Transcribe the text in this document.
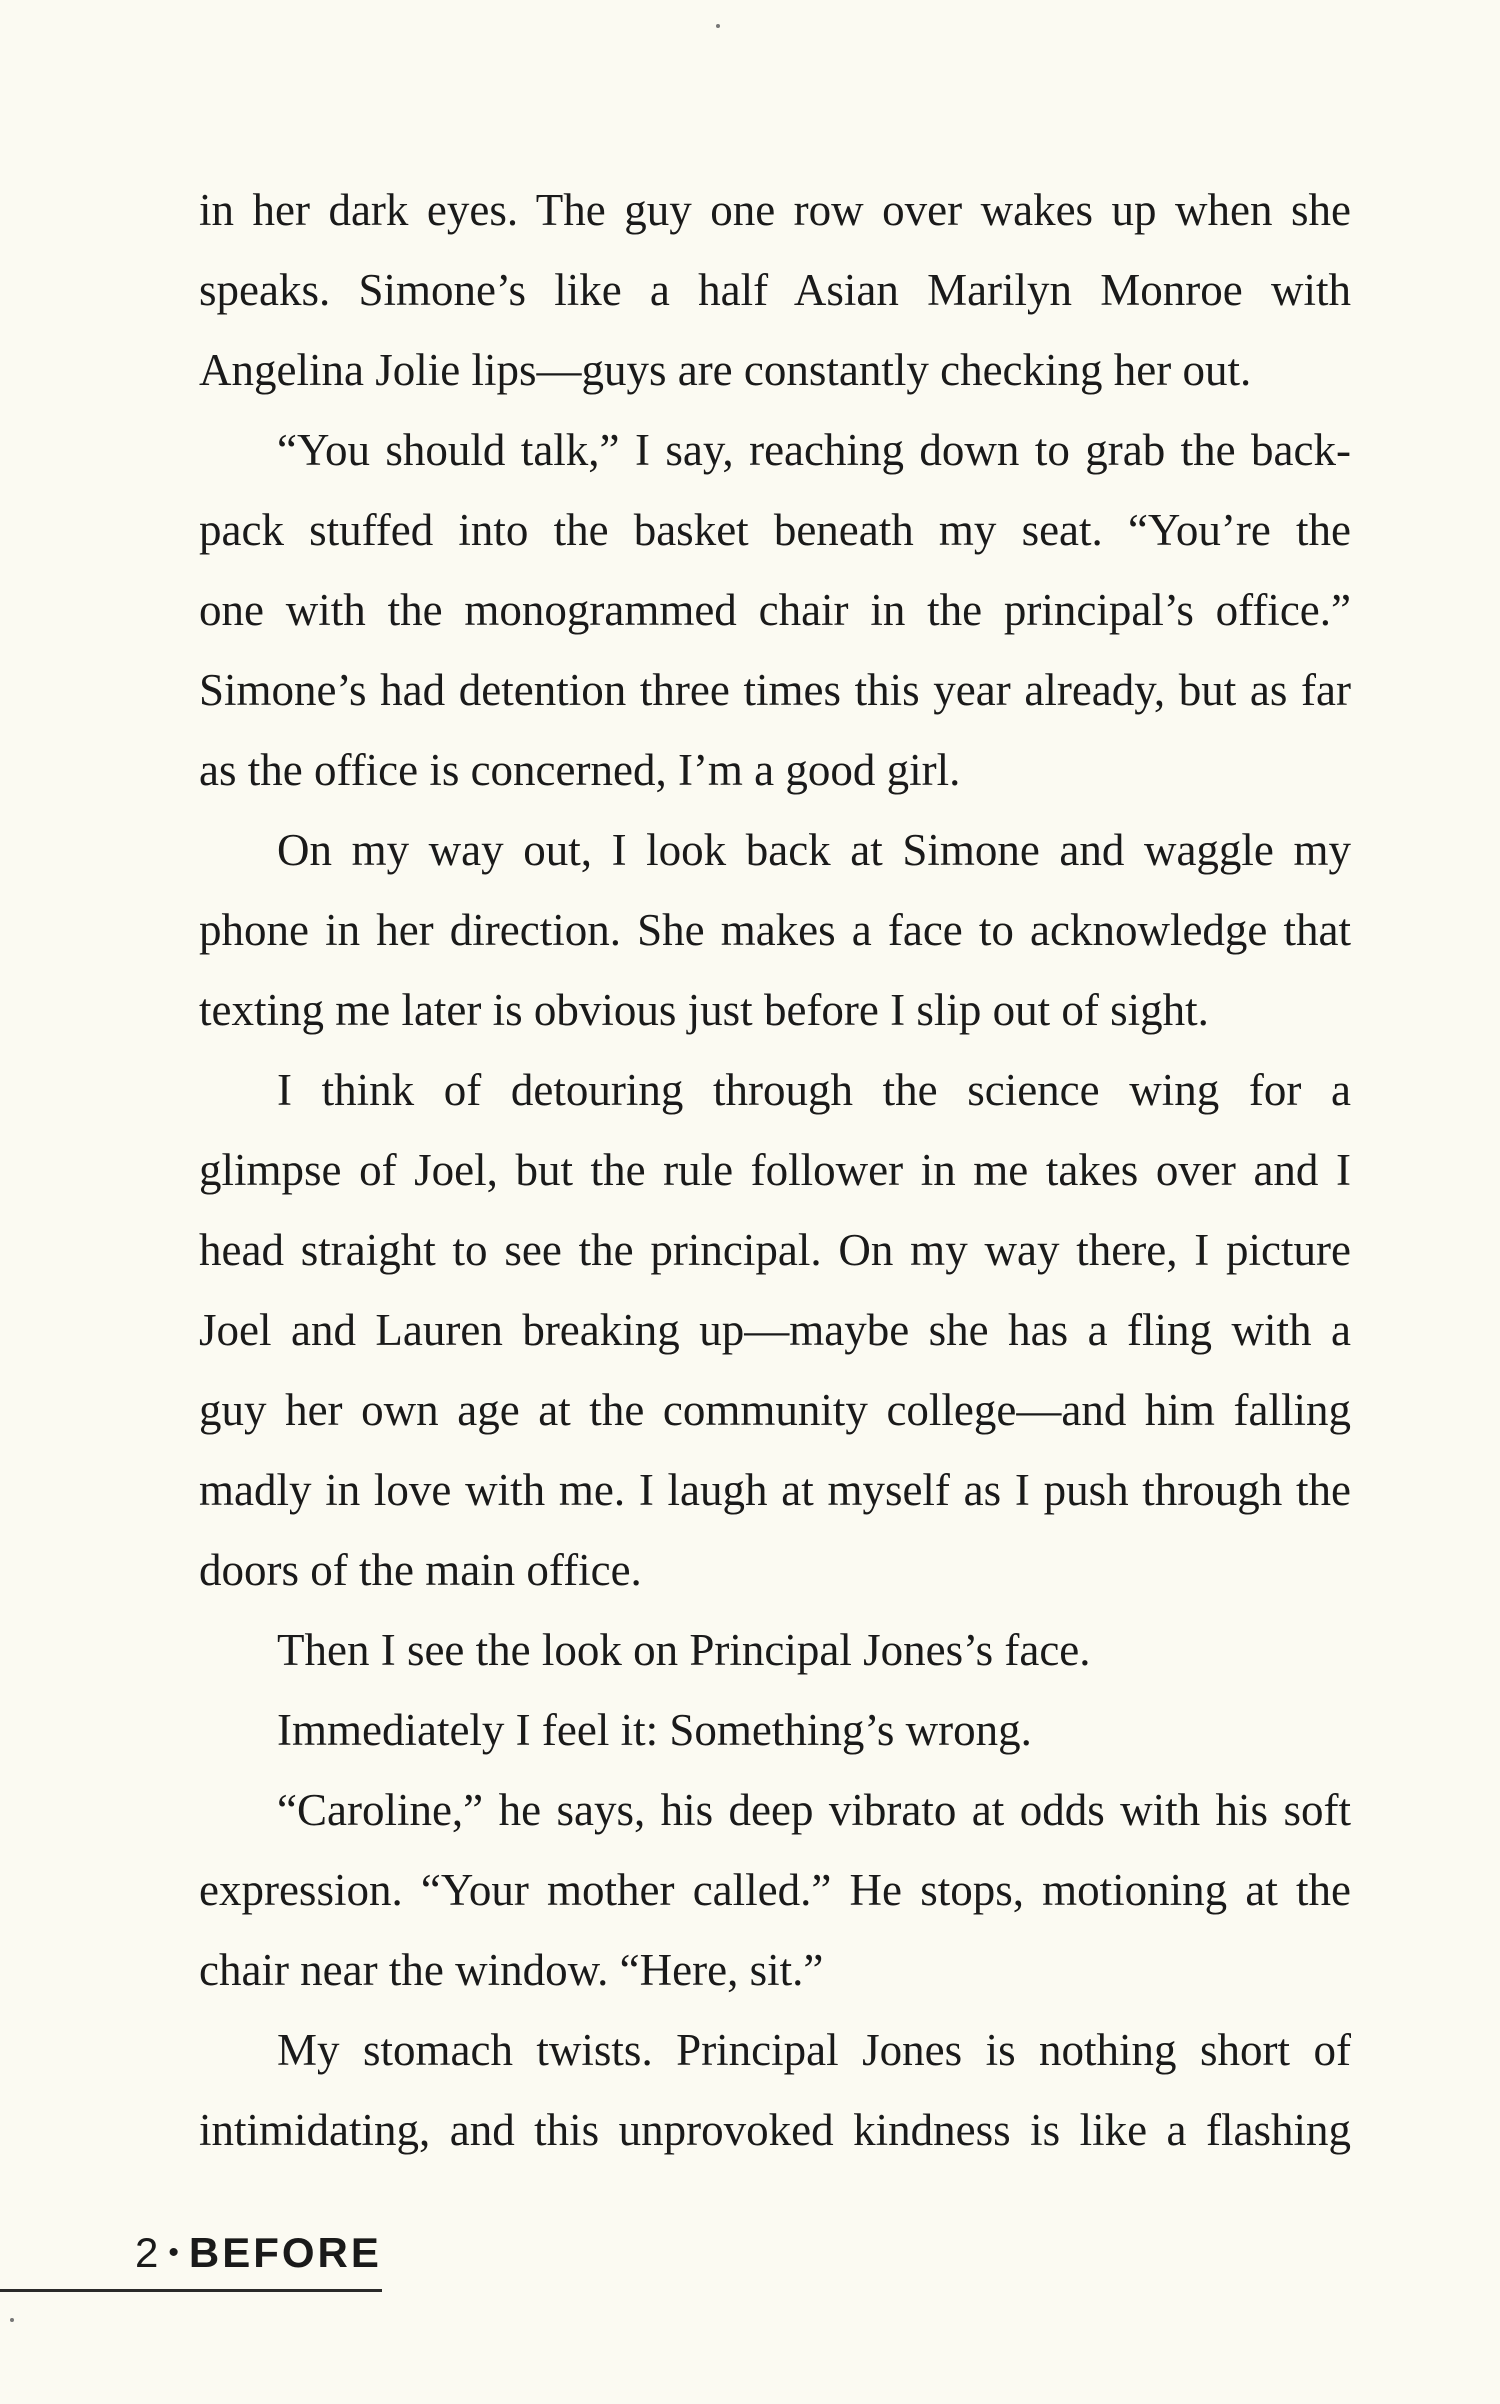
in her dark eyes. The guy one row over wakes up when she
speaks. Simone’s like a half Asian Marilyn Monroe with
Angelina Jolie lips—guys are constantly checking her out.
“You should talk,” I say, reaching down to grab the back-
pack stuffed into the basket beneath my seat. “You’re the
one with the monogrammed chair in the principal’s office.”
Simone’s had detention three times this year already, but as far
as the office is concerned, I’m a good girl.
On my way out, I look back at Simone and waggle my
phone in her direction. She makes a face to acknowledge that
texting me later is obvious just before I slip out of sight.
I think of detouring through the science wing for a
glimpse of Joel, but the rule follower in me takes over and I
head straight to see the principal. On my way there, I picture
Joel and Lauren breaking up—maybe she has a fling with a
guy her own age at the community college—and him falling
madly in love with me. I laugh at myself as I push through the
doors of the main office.
Then I see the look on Principal Jones’s face.
Immediately I feel it: Something’s wrong.
“Caroline,” he says, his deep vibrato at odds with his soft
expression. “Your mother called.” He stops, motioning at the
chair near the window. “Here, sit.”
My stomach twists. Principal Jones is nothing short of
intimidating, and this unprovoked kindness is like a flashing
2 • BEFORE
